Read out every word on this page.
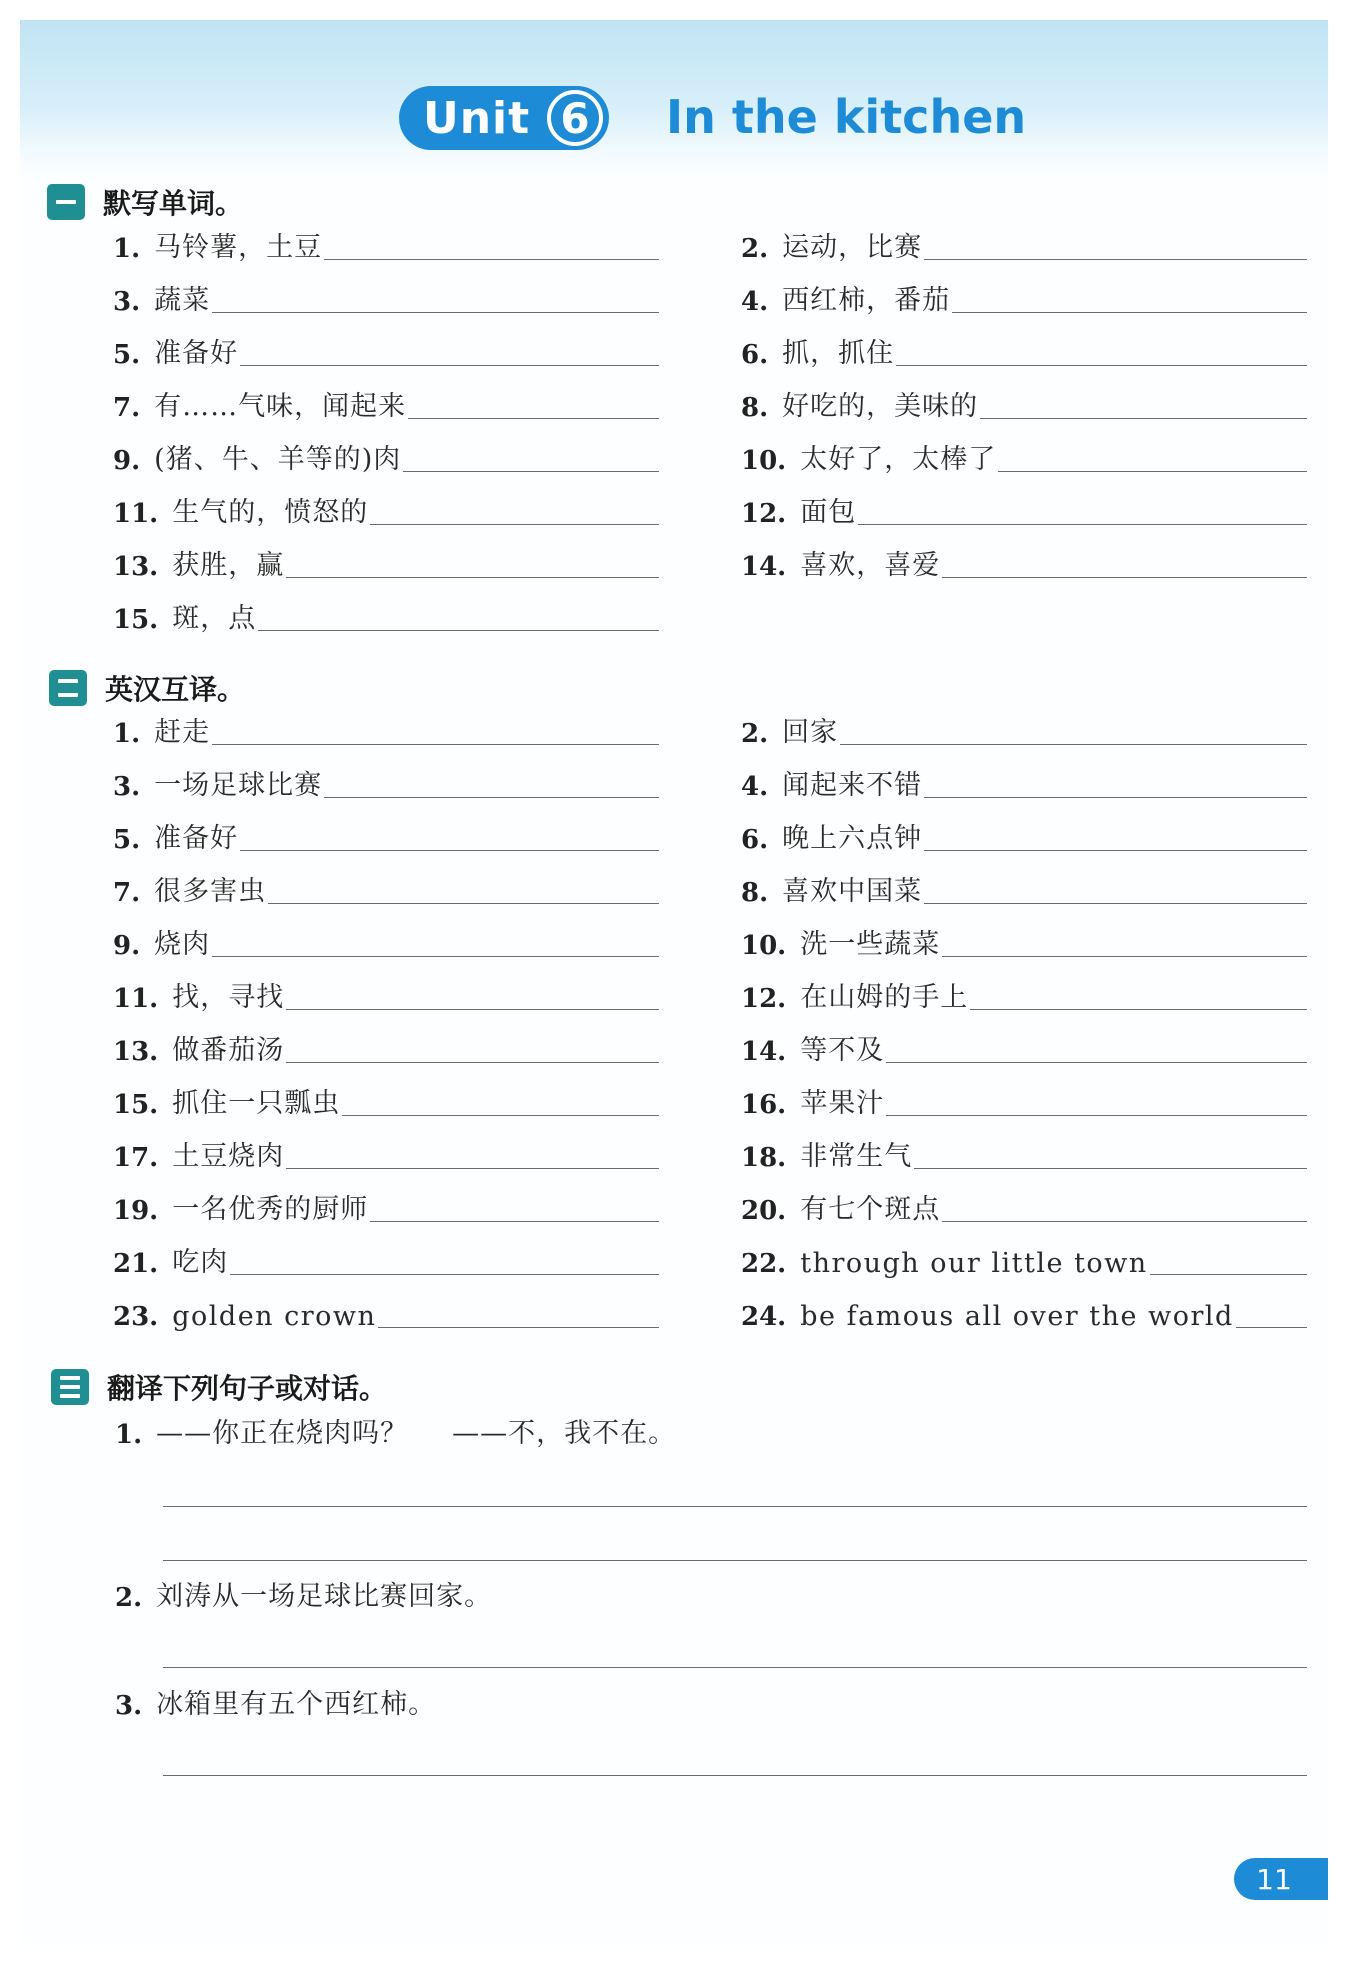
Unit 6 In the kitchen
默写单词。
1. 马铃薯，土豆	2. 运动，比赛
3. 蔬菜	4. 西红柿，番茄
5. 准备好	6. 抓，抓住
7. 有……气味，闻起来	8. 好吃的，美味的
9. (猪、牛、羊等的)肉	10. 太好了，太棒了
11. 生气的，愤怒的	12. 面包
13. 获胜，赢	14. 喜欢，喜爱
15. 斑，点
英汉互译。
1. 赶走	2. 回家
3. 一场足球比赛	4. 闻起来不错
5. 准备好	6. 晚上六点钟
7. 很多害虫	8. 喜欢中国菜
9. 烧肉	10. 洗一些蔬菜
11. 找，寻找	12. 在山姆的手上
13. 做番茄汤	14. 等不及
15. 抓住一只瓢虫	16. 苹果汁
17. 土豆烧肉	18. 非常生气
19. 一名优秀的厨师	20. 有七个斑点
21. 吃肉	22. through our little town
23. golden crown	24. be famous all over the world
翻译下列句子或对话。
1. ——你正在烧肉吗？ ——不，我不在。
2. 刘涛从一场足球比赛回家。
3. 冰箱里有五个西红柿。
11
